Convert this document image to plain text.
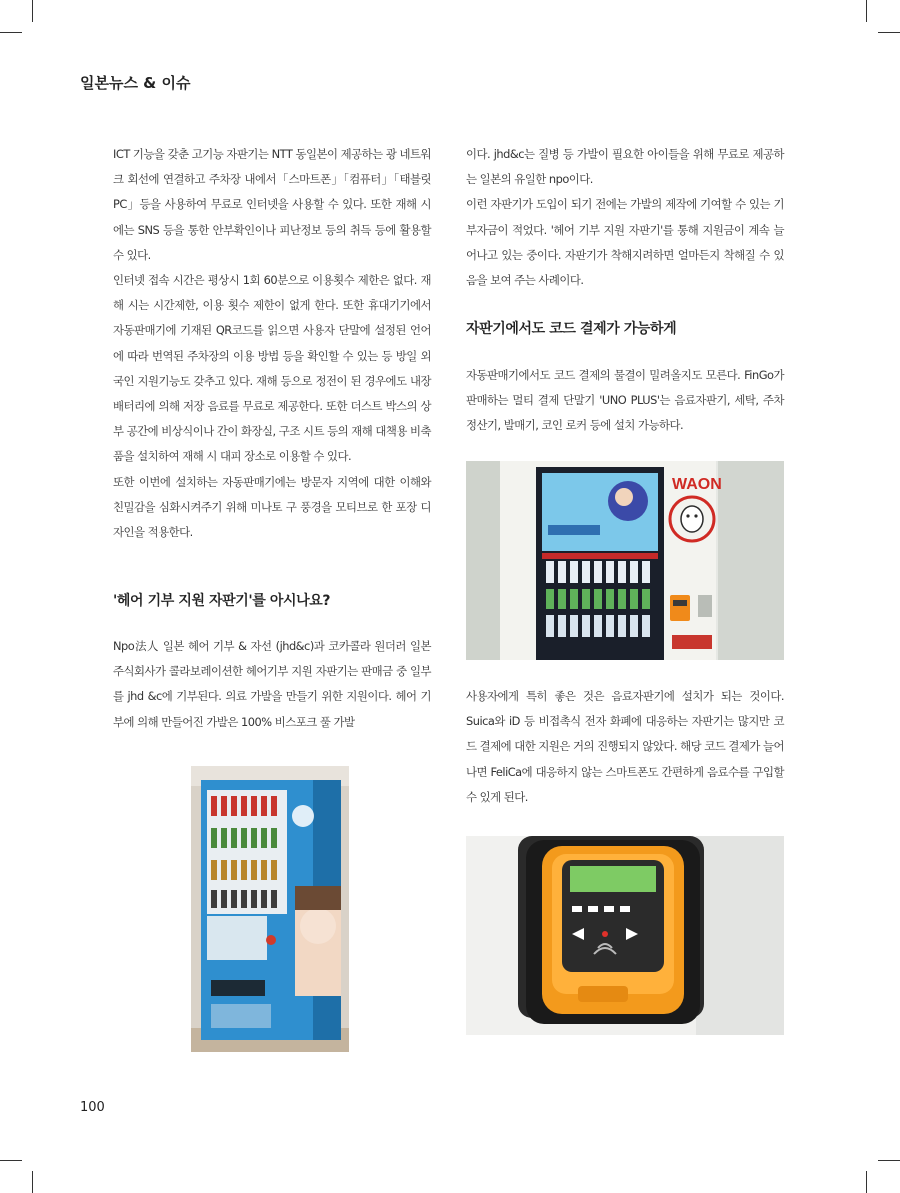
일본뉴스 & 이슈

ICT 기능을 갖춘 고기능 자판기는 NTT 동일본이 제공하는 광 네트워크 회선에 연결하고 주차장 내에서「스마트폰」「컴퓨터」「태블릿 PC」등을 사용하여 무료로 인터넷을 사용할 수 있다. 또한 재해 시에는 SNS 등을 통한 안부확인이나 피난정보 등의 취득 등에 활용할 수 있다.

인터넷 접속 시간은 평상시 1회 60분으로 이용횟수 제한은 없다. 재해 시는 시간제한, 이용 횟수 제한이 없게 한다. 또한 휴대기기에서 자동판매기에 기재된 QR코드를 읽으면 사용자 단말에 설정된 언어에 따라 번역된 주차장의 이용 방법 등을 확인할 수 있는 등 방일 외국인 지원기능도 갖추고 있다. 재해 등으로 정전이 된 경우에도 내장 배터리에 의해 저장 음료를 무료로 제공한다. 또한 더스트 박스의 상부 공간에 비상식이나 간이 화장실, 구조 시트 등의 재해 대책용 비축품을 설치하여 재해 시 대피 장소로 이용할 수 있다.

또한 이번에 설치하는 자동판매기에는 방문자 지역에 대한 이해와 친밀감을 심화시켜주기 위해 미나토 구 풍경을 모티브로 한 포장 디자인을 적용한다.

'헤어 기부 지원 자판기'를 아시나요?

Npo法人 일본 헤어 기부 & 자선 (jhd&c)과 코카콜라 원더러 일본 주식회사가 콜라보레이션한 헤어기부 지원 자판기는 판매금 중 일부를 jhd &c에 기부된다. 의료 가발을 만들기 위한 지원이다. 헤어 기부에 의해 만들어진 가발은 100% 비스포크 풀 가발

이다. jhd&c는 질병 등 가발이 필요한 아이들을 위해 무료로 제공하는 일본의 유일한 npo이다.

이런 자판기가 도입이 되기 전에는 가발의 제작에 기여할 수 있는 기부자금이 적었다. '헤어 기부 지원 자판기'를 통해 지원금이 계속 늘어나고 있는 중이다. 자판기가 착해지려하면 얼마든지 착해질 수 있음을 보여 주는 사례이다.

자판기에서도 코드 결제가 가능하게

자동판매기에서도 코드 결제의 물결이 밀려올지도 모른다. FinGo가 판매하는 멀티 결제 단말기 'UNO PLUS'는 음료자판기, 세탁, 주차정산기, 발매기, 코인 로커 등에 설치 가능하다.

WAON

사용자에게 특히 좋은 것은 음료자판기에 설치가 되는 것이다. Suica와 iD 등 비접촉식 전자 화폐에 대응하는 자판기는 많지만 코드 결제에 대한 지원은 거의 진행되지 않았다. 해당 코드 결제가 늘어나면 FeliCa에 대응하지 않는 스마트폰도 간편하게 음료수를 구입할 수 있게 된다.

100
